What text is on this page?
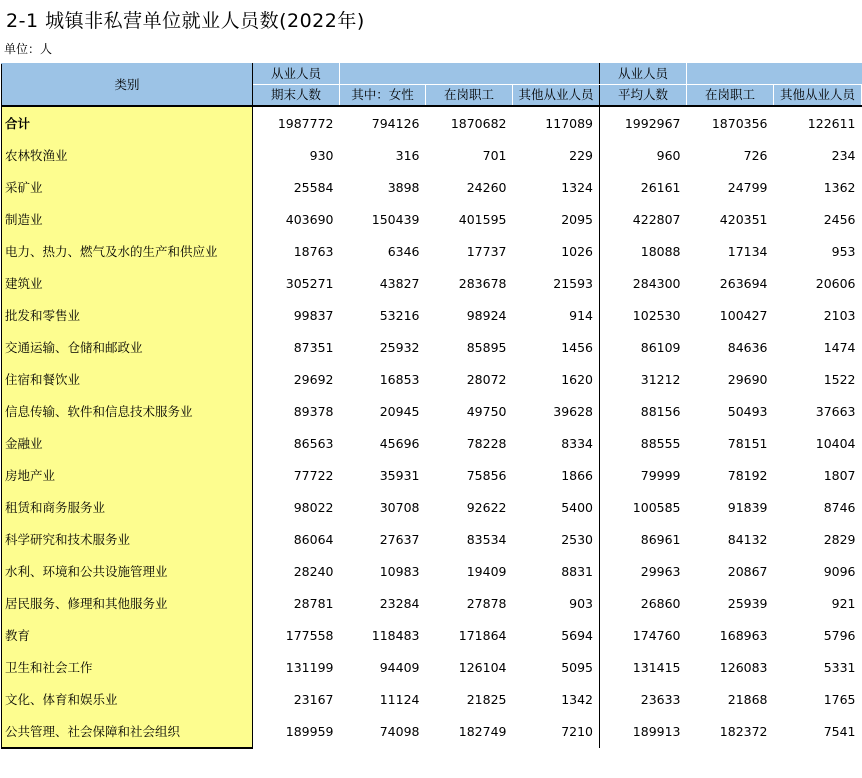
2-1 城镇非私营单位就业人员数(2022年)
单位：人
类别	从业人员				从业人员		
	期末人数	其中：女性	在岗职工	其他从业人员	平均人数	在岗职工	其他从业人员
合计	1987772	794126	1870682	117089	1992967	1870356	122611
农林牧渔业	930	316	701	229	960	726	234
采矿业	25584	3898	24260	1324	26161	24799	1362
制造业	403690	150439	401595	2095	422807	420351	2456
电力、热力、燃气及水的生产和供应业	18763	6346	17737	1026	18088	17134	953
建筑业	305271	43827	283678	21593	284300	263694	20606
批发和零售业	99837	53216	98924	914	102530	100427	2103
交通运输、仓储和邮政业	87351	25932	85895	1456	86109	84636	1474
住宿和餐饮业	29692	16853	28072	1620	31212	29690	1522
信息传输、软件和信息技术服务业	89378	20945	49750	39628	88156	50493	37663
金融业	86563	45696	78228	8334	88555	78151	10404
房地产业	77722	35931	75856	1866	79999	78192	1807
租赁和商务服务业	98022	30708	92622	5400	100585	91839	8746
科学研究和技术服务业	86064	27637	83534	2530	86961	84132	2829
水利、环境和公共设施管理业	28240	10983	19409	8831	29963	20867	9096
居民服务、修理和其他服务业	28781	23284	27878	903	26860	25939	921
教育	177558	118483	171864	5694	174760	168963	5796
卫生和社会工作	131199	94409	126104	5095	131415	126083	5331
文化、体育和娱乐业	23167	11124	21825	1342	23633	21868	1765
公共管理、社会保障和社会组织	189959	74098	182749	7210	189913	182372	7541
